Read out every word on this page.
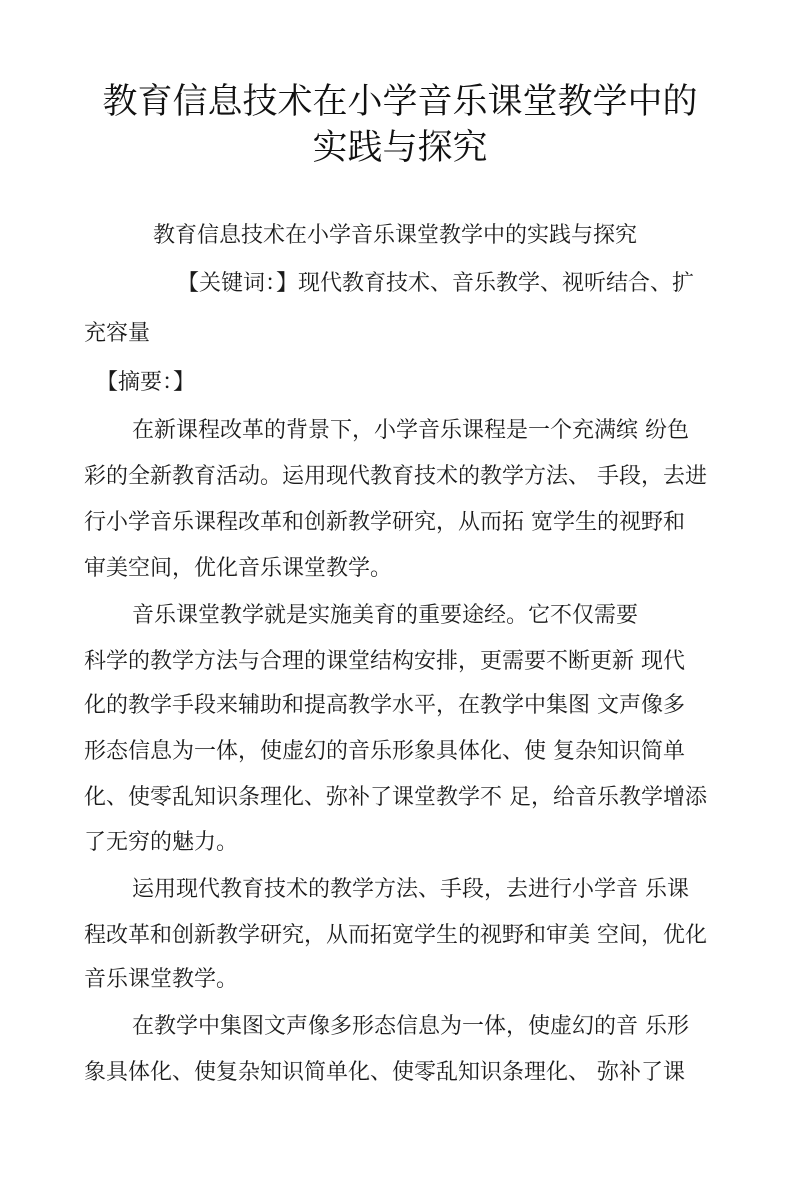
教育信息技术在小学音乐课堂教学中的
实践与探究
教育信息技术在小学音乐课堂教学中的实践与探究
【关键词：】现代教育技术、音乐教学、视听结合、扩
充容量
【摘要：】
在新课程改革的背景下，小学音乐课程是一个充满缤 纷色
彩的全新教育活动。运用现代教育技术的教学方法、 手段，去进
行小学音乐课程改革和创新教学研究，从而拓 宽学生的视野和
审美空间，优化音乐课堂教学。
音乐课堂教学就是实施美育的重要途经。它不仅需要
科学的教学方法与合理的课堂结构安排，更需要不断更新 现代
化的教学手段来辅助和提高教学水平，在教学中集图 文声像多
形态信息为一体，使虚幻的音乐形象具体化、使 复杂知识简单
化、使零乱知识条理化、弥补了课堂教学不 足，给音乐教学增添
了无穷的魅力。
运用现代教育技术的教学方法、手段，去进行小学音 乐课
程改革和创新教学研究，从而拓宽学生的视野和审美 空间，优化
音乐课堂教学。
在教学中集图文声像多形态信息为一体，使虚幻的音 乐形
象具体化、使复杂知识简单化、使零乱知识条理化、 弥补了课
